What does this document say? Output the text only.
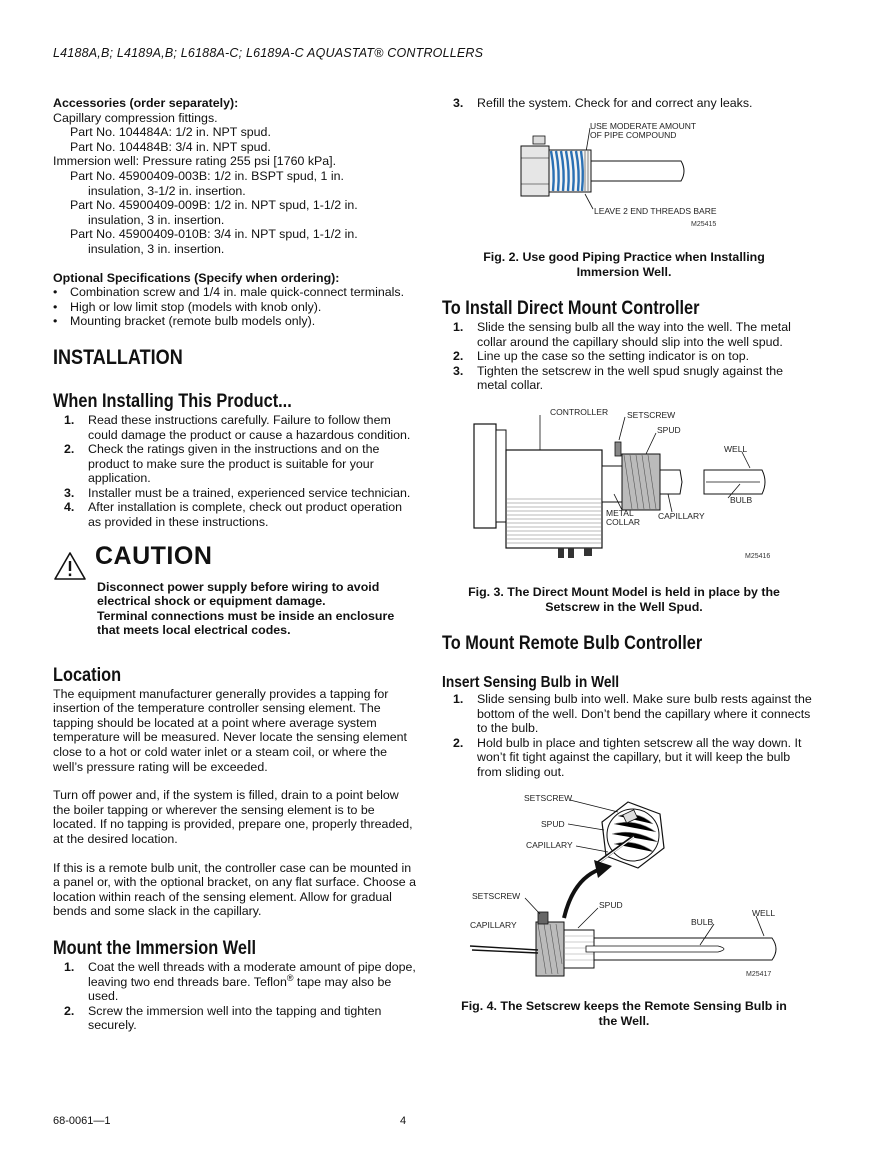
L4188A,B; L4189A,B; L6188A-C; L6189A-C AQUASTAT® CONTROLLERS

Accessories (order separately):

Capillary compression fittings.

Part No. 104484A: 1/2 in. NPT spud.

Part No. 104484B: 3/4 in. NPT spud.

Immersion well: Pressure rating 255 psi [1760 kPa].

Part No. 45900409-003B: 1/2 in. BSPT spud, 1 in.

insulation, 3-1/2 in. insertion.

Part No. 45900409-009B: 1/2 in. NPT spud, 1-1/2 in.

insulation, 3 in. insertion.

Part No. 45900409-010B: 3/4 in. NPT spud, 1-1/2 in.

insulation, 3 in. insertion.

Optional Specifications (Specify when ordering):

• Combination screw and 1/4 in. male quick-connect terminals.
• High or low limit stop (models with knob only).
• Mounting bracket (remote bulb models only).
INSTALLATION
When Installing This Product...
1. Read these instructions carefully. Failure to follow them could damage the product or cause a hazardous condition.
2. Check the ratings given in the instructions and on the product to make sure the product is suitable for your application.
3. Installer must be a trained, experienced service technician.
4. After installation is complete, check out product operation as provided in these instructions.
CAUTION

Disconnect power supply before wiring to avoid

electrical shock or equipment damage.

Terminal connections must be inside an enclosure

that meets local electrical codes.

Location

The equipment manufacturer generally provides a tapping for insertion of the temperature controller sensing element. The tapping should be located at a point where average system temperature will be measured. Never locate the sensing element close to a hot or cold water inlet or a steam coil, or where the well’s pressure rating will be exceeded.

Turn off power and, if the system is filled, drain to a point below the boiler tapping or wherever the sensing element is to be located. If no tapping is provided, prepare one, properly threaded, at the desired location.

If this is a remote bulb unit, the controller case can be mounted in a panel or, with the optional bracket, on any flat surface. Choose a location within reach of the sensing element. Allow for gradual bends and some slack in the capillary.

Mount the Immersion Well
1. Coat the well threads with a moderate amount of pipe dope, leaving two end threads bare. Teflon® tape may also be used.
2. Screw the immersion well into the tapping and tighten securely.
3. Refill the system. Check for and correct any leaks.
USE MODERATE AMOUNT
OF PIPE COMPOUND
LEAVE 2 END THREADS BARE
M25415

Fig. 2. Use good Piping Practice when Installing

Immersion Well.

To Install Direct Mount Controller
1. Slide the sensing bulb all the way into the well. The metal collar around the capillary should slip into the well spud.
2. Line up the case so the setting indicator is on top.
3. Tighten the setscrew in the well spud snugly against the metal collar.
CONTROLLER SETSCREW
SPUD
WELL
BULB
METAL
COLLAR
CAPILLARY
M25416

Fig. 3. The Direct Mount Model is held in place by the

Setscrew in the Well Spud.

To Mount Remote Bulb Controller
Insert Sensing Bulb in Well
1. Slide sensing bulb into well. Make sure bulb rests against the bottom of the well. Don’t bend the capillary where it connects to the bulb.
2. Hold bulb in place and tighten setscrew all the way down. It won’t fit tight against the capillary, but it will keep the bulb from sliding out.
SETSCREW
SPUD
CAPILLARY
SETSCREW
SPUD
CAPILLARY	BULB
WELL
M25417

Fig. 4. The Setscrew keeps the Remote Sensing Bulb in

the Well.

68-0061—1	4
